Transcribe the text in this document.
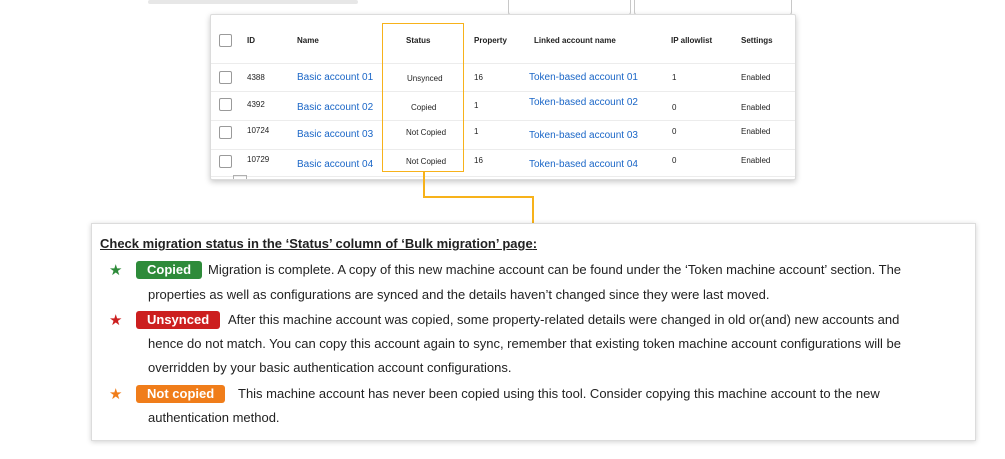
ID	Name	Status	Property	Linked account name	IP allowlist	Settings
4388	Basic account 01	Unsynced	16	Token-based account 01	1	Enabled
4392	Basic account 02	Copied	1	Token-based account 02	0	Enabled
10724	Basic account 03	Not Copied	1	Token-based account 03	0	Enabled
10729	Basic account 04	Not Copied	16	Token-based account 04	0	Enabled
Check migration status in the ‘Status’ column of ‘Bulk migration’ page:
★	Copied	Migration is complete. A copy of this new machine account can be found under the ‘Token machine account’ section. The
properties as well as configurations are synced and the details haven’t changed since they were last moved.
★	Unsynced	After this machine account was copied, some property-related details were changed in old or(and) new accounts and
hence do not match. You can copy this account again to sync, remember that existing token machine account configurations will be
overridden by your basic authentication account configurations.
★	Not copied	This machine account has never been copied using this tool. Consider copying this machine account to the new
authentication method.
